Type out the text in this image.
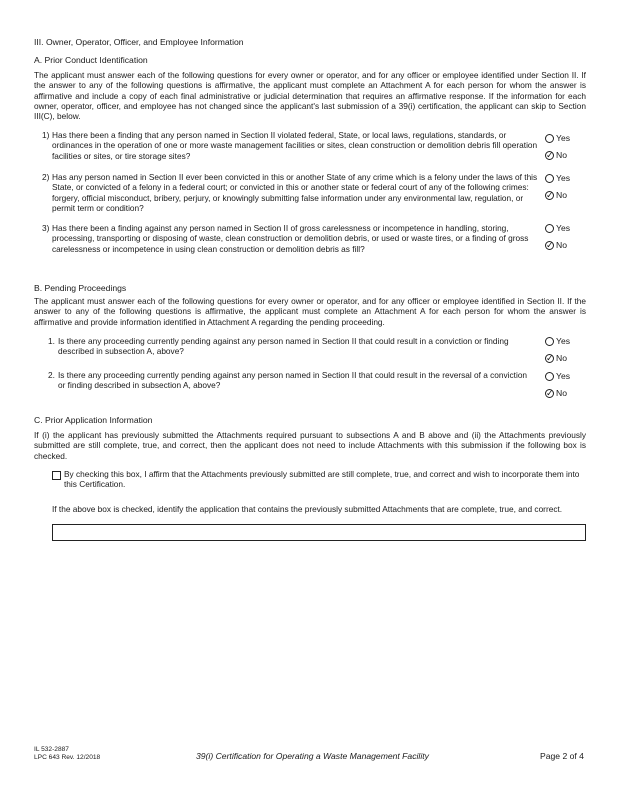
III. Owner, Operator, Officer, and Employee Information
A. Prior Conduct Identification
The applicant must answer each of the following questions for every owner or operator, and for any officer or employee identified under Section II. If the answer to any of the following questions is affirmative, the applicant must complete an Attachment A for each person for whom the answer is affirmative and include a copy of each final administrative or judicial determination that requires an affirmative response. If the information for each owner, operator, officer, and employee has not changed since the applicant's last submission of a 39(i) certification, the applicant can skip to Section III(C), below.
1) Has there been a finding that any person named in Section II violated federal, State, or local laws, regulations, standards, or ordinances in the operation of one or more waste management facilities or sites, clean construction or demolition debris fill operation facilities or sites, or tire storage sites?
Yes
✓No
2) Has any person named in Section II ever been convicted in this or another State of any crime which is a felony under the laws of this State, or convicted of a felony in a federal court; or convicted in this or another state or federal court of any of the following crimes: forgery, official misconduct, bribery, perjury, or knowingly submitting false information under any environmental law, regulation, or permit term or condition?
Yes
✓No
3) Has there been a finding against any person named in Section II of gross carelessness or incompetence in handling, storing, processing, transporting or disposing of waste, clean construction or demolition debris, or used or waste tires, or a finding of gross carelessness or incompetence in using clean construction or demolition debris as fill?
Yes
✓No
B. Pending Proceedings
The applicant must answer each of the following questions for every owner or operator, and for any officer or employee identified in Section II. If the answer to any of the following questions is affirmative, the applicant must complete an Attachment A for each person for whom the answer is affirmative and provide information identified in Attachment A regarding the pending proceeding.
1. Is there any proceeding currently pending against any person named in Section II that could result in a conviction or finding described in subsection A, above?
Yes
✓No
2. Is there any proceeding currently pending against any person named in Section II that could result in the reversal of a conviction or finding described in subsection A, above?
Yes
✓No
C. Prior Application Information
If (i) the applicant has previously submitted the Attachments required pursuant to subsections A and B above and (ii) the Attachments previously submitted are still complete, true, and correct, then the applicant does not need to include Attachments with this submission if the following box is checked.
By checking this box, I affirm that the Attachments previously submitted are still complete, true, and correct and wish to incorporate them into this Certification.
If the above box is checked, identify the application that contains the previously submitted Attachments that are complete, true, and correct.
IL 532-2887
LPC 643 Rev. 12/2018	39(i) Certification for Operating a Waste Management Facility	Page 2 of 4
